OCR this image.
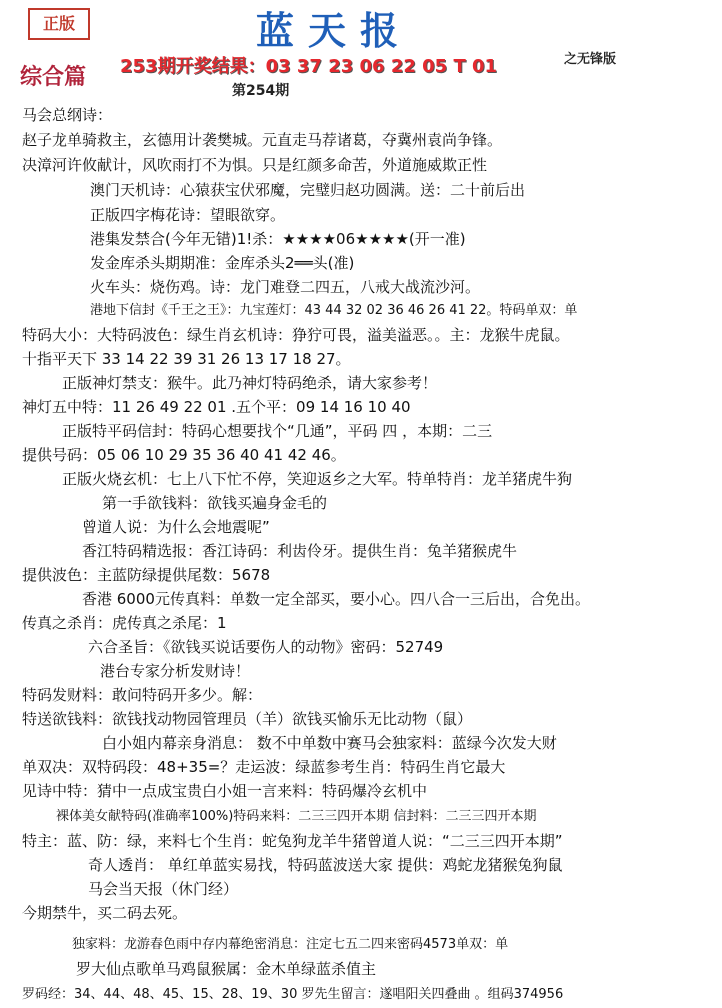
正版	蓝天报
253期开奖结果：03 37 23 06 22 05 T 01	之无锋版
综合篇
第254期
马会总纲诗：
赵子龙单骑救主，玄德用计袭樊城。元直走马荐诸葛，夺冀州袁尚争锋。
决漳河许攸献计，风吹雨打不为惧。只是红颜多命苦，外道施威欺正性
澳门天机诗：心猿获宝伏邪魔，完璧归赵功圆满。送：二十前后出
正版四字梅花诗：望眼欲穿。
港集发禁合(今年无错)1!杀：★★★★06★★★★(开一准)
发金库杀头期期准：金库杀头2══头(准)
火车头：烧伤鸡。诗：龙门难登二四五，八戒大战流沙河。
港地下信封《千王之王》：九宝莲灯：43 44 32 02 36 46 26 41 22。特码单双：单
特码大小：大特码波色：绿生肖玄机诗：狰狞可畏，溢美溢恶。。主：龙猴牛虎鼠。
十指平天下 33 14 22 39 31 26 13 17 18 27。
正版神灯禁支：猴牛。此乃神灯特码绝杀，请大家参考！
神灯五中特：11 26 49 22 01 .五个平：09 14 16 10 40
正版特平码信封：特码心想要找个“几通”，平码 四 ，本期：二三
提供号码：05 06 10 29 35 36 40 41 42 46。
正版火烧玄机：七上八下忙不停，笑迎返乡之大军。特单特肖：龙羊猪虎牛狗
第一手欲钱料：欲钱买遍身金毛的
曾道人说：为什么会地震呢”
香江特码精选报：香江诗码：利齿伶牙。提供生肖：兔羊猪猴虎牛
提供波色：主蓝防绿提供尾数：5678
香港 6000元传真料：单数一定全部买，要小心。四八合一三后出，合免出。
传真之杀肖：虎传真之杀尾：1
六合圣旨：《欲钱买说话要伤人的动物》密码：52749
港台专家分析发财诗！
特码发财料：敢问特码开多少。解：
特送欲钱料：欲钱找动物园管理员（羊）欲钱买愉乐无比动物（鼠）
白小姐内幕亲身消息： 数不中单数中赛马会独家料：蓝绿今次发大财
单双决：双特码段：48+35=？走运波：绿蓝参考生肖：特码生肖它最大
见诗中特：猜中一点成宝贵白小姐一言来料：特码爆冷玄机中
裸体美女献特码(准确率100%)特码来料：二三三四开本期 信封料：二三三四开本期
特主：蓝、防：绿，来料七个生肖：蛇兔狗龙羊牛猪曾道人说：“二三三四开本期”
奇人透肖： 单红单蓝实易找，特码蓝波送大家 提供：鸡蛇龙猪猴兔狗鼠
马会当天报（休门经）
今期禁牛，买二码去死。
独家料：龙游春色雨中存内幕绝密消息：注定七五二四来密码4573单双：单
罗大仙点歌单马鸡鼠猴属：金木单绿蓝杀值主
罗码经：34、44、48、45、15、28、19、30 罗先生留言：遂唱阳关四叠曲 。组码374956
